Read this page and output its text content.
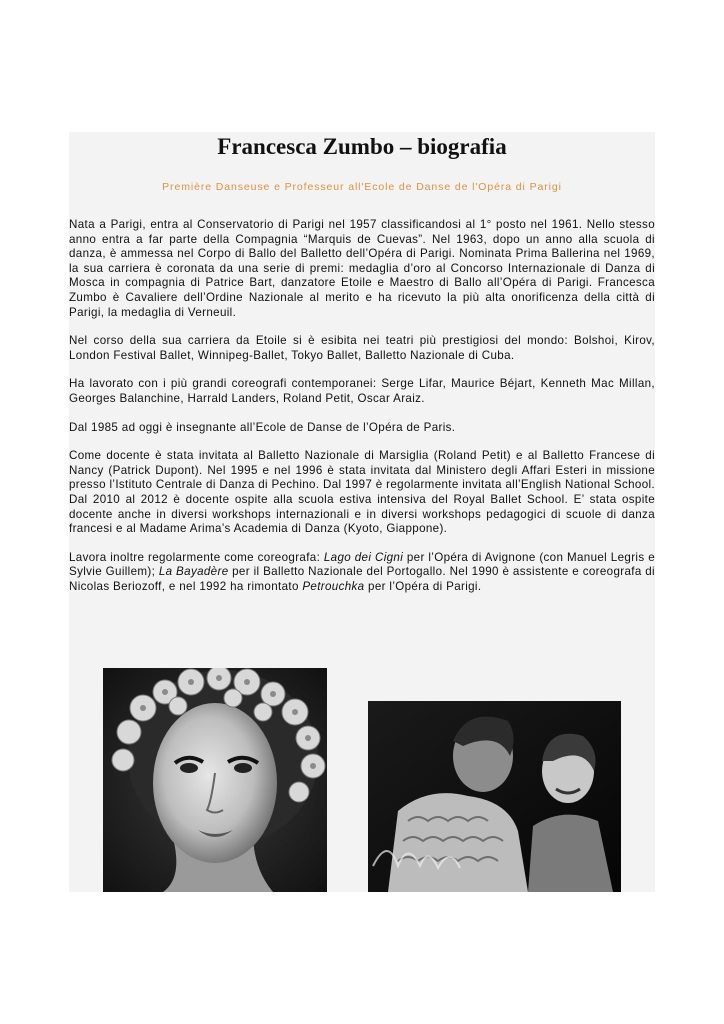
Francesca Zumbo – biografia

Première Danseuse e Professeur all'Ecole de Danse de l'Opéra di Parigi

Nata a Parigi, entra al Conservatorio di Parigi nel 1957 classificandosi al 1° posto nel 1961. Nello stesso anno entra a far parte della Compagnia “Marquis de Cuevas”. Nel 1963, dopo un anno alla scuola di danza, è ammessa nel Corpo di Ballo del Balletto dell’Opéra di Parigi. Nominata Prima Ballerina nel 1969, la sua carriera è coronata da una serie di premi: medaglia d’oro al Concorso Internazionale di Danza di Mosca in compagnia di Patrice Bart, danzatore Etoile e Maestro di Ballo all’Opéra di Parigi. Francesca Zumbo è Cavaliere dell’Ordine Nazionale al merito e ha ricevuto la più alta onorificenza della città di Parigi, la medaglia di Verneuil.

Nel corso della sua carriera da Etoile si è esibita nei teatri più prestigiosi del mondo: Bolshoi, Kirov, London Festival Ballet, Winnipeg-Ballet, Tokyo Ballet, Balletto Nazionale di Cuba.

Ha lavorato con i più grandi coreografi contemporanei: Serge Lifar, Maurice Béjart, Kenneth Mac Millan, Georges Balanchine, Harrald Landers, Roland Petit, Oscar Araiz.

Dal 1985 ad oggi è insegnante all’Ecole de Danse de l’Opéra de Paris.

Come docente è stata invitata al Balletto Nazionale di Marsiglia (Roland Petit) e al Balletto Francese di Nancy (Patrick Dupont). Nel 1995 e nel 1996 è stata invitata dal Ministero degli Affari Esteri in missione presso l’Istituto Centrale di Danza di Pechino. Dal 1997 è regolarmente invitata all’English National School. Dal 2010 al 2012 è docente ospite alla scuola estiva intensiva del Royal Ballet School. E’ stata ospite docente anche in diversi workshops internazionali e in diversi workshops pedagogici di scuole di danza francesi e al Madame Arima’s Academia di Danza (Kyoto, Giappone).

Lavora inoltre regolarmente come coreografa: Lago dei Cigni per l’Opéra di Avignone (con Manuel Legris e Sylvie Guillem); La Bayadère per il Balletto Nazionale del Portogallo. Nel 1990 è assistente e coreografa di Nicolas Beriozoff, e nel 1992 ha rimontato Petrouchka per l’Opéra di Parigi.
